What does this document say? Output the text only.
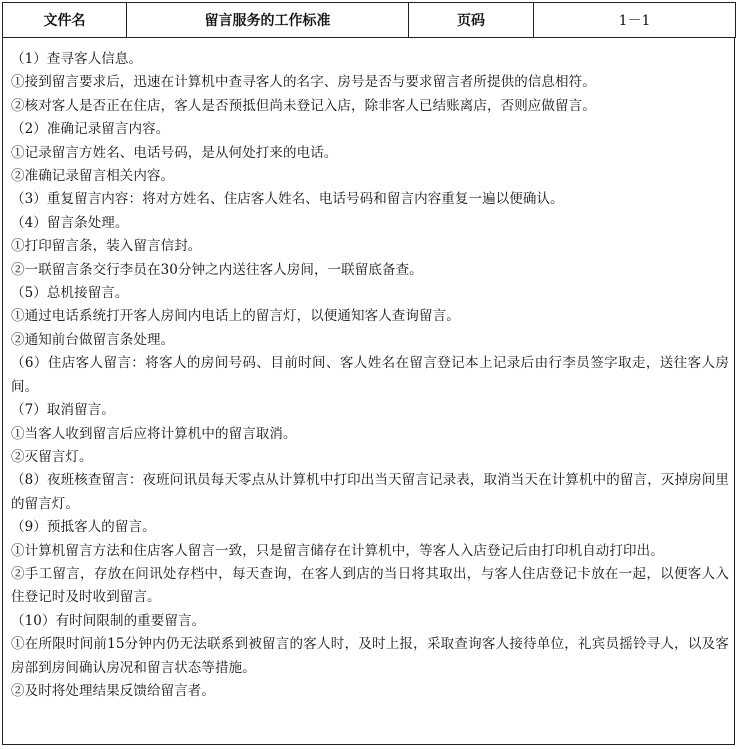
文件名	留言服务的工作标准	页码	1－1

（1）查寻客人信息。

①接到留言要求后，迅速在计算机中查寻客人的名字、房号是否与要求留言者所提供的信息相符。

②核对客人是否正在住店，客人是否预抵但尚未登记入店，除非客人已结账离店，否则应做留言。

（2）准确记录留言内容。

①记录留言方姓名、电话号码，是从何处打来的电话。

②准确记录留言相关内容。

（3）重复留言内容：将对方姓名、住店客人姓名、电话号码和留言内容重复一遍以便确认。

（4）留言条处理。

①打印留言条，装入留言信封。

②一联留言条交行李员在30分钟之内送往客人房间，一联留底备查。

（5）总机接留言。

①通过电话系统打开客人房间内电话上的留言灯，以便通知客人查询留言。

②通知前台做留言条处理。

（6）住店客人留言：将客人的房间号码、目前时间、客人姓名在留言登记本上记录后由行李员签字取走，送往客人房间。

（7）取消留言。

①当客人收到留言后应将计算机中的留言取消。

②灭留言灯。

（8）夜班核查留言：夜班问讯员每天零点从计算机中打印出当天留言记录表，取消当天在计算机中的留言，灭掉房间里的留言灯。

（9）预抵客人的留言。

①计算机留言方法和住店客人留言一致，只是留言储存在计算机中，等客人入店登记后由打印机自动打印出。

②手工留言，存放在问讯处存档中，每天查询，在客人到店的当日将其取出，与客人住店登记卡放在一起，以便客人入住登记时及时收到留言。

（10）有时间限制的重要留言。

①在所限时间前15分钟内仍无法联系到被留言的客人时，及时上报，采取查询客人接待单位，礼宾员摇铃寻人，以及客房部到房间确认房况和留言状态等措施。

②及时将处理结果反馈给留言者。
